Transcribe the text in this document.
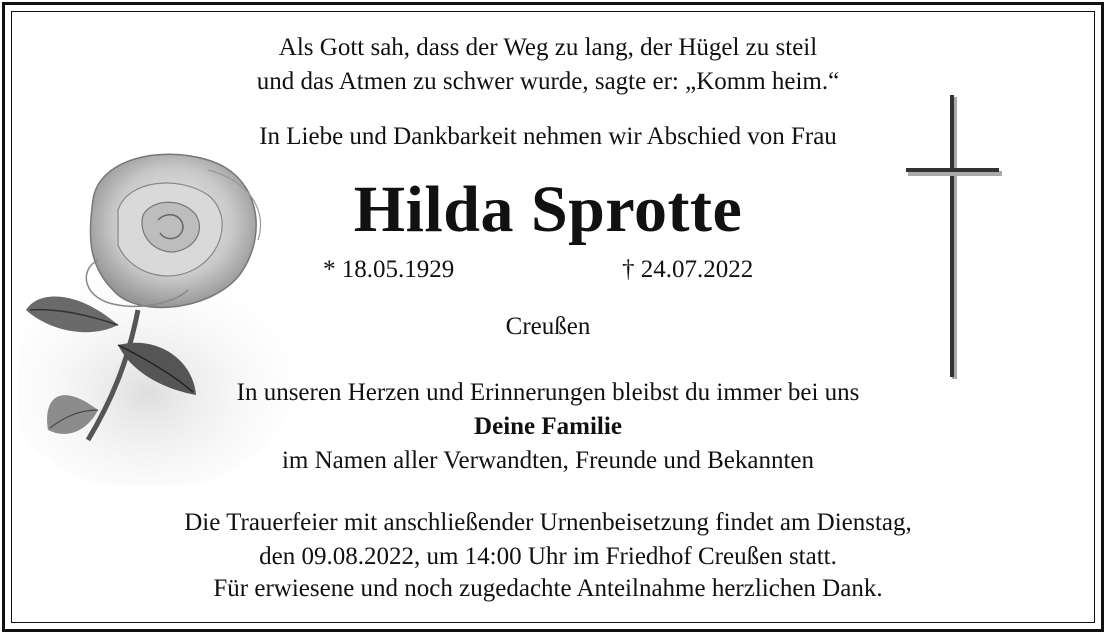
Als Gott sah, dass der Weg zu lang, der Hügel zu steil
und das Atmen zu schwer wurde, sagte er: „Komm heim.“
In Liebe und Dankbarkeit nehmen wir Abschied von Frau
Hilda Sprotte
* 18.05.1929	† 24.07.2022
Creußen
In unseren Herzen und Erinnerungen bleibst du immer bei uns
Deine Familie
im Namen aller Verwandten, Freunde und Bekannten
Die Trauerfeier mit anschließender Urnenbeisetzung findet am Dienstag,
den 09.08.2022, um 14:00 Uhr im Friedhof Creußen statt.
Für erwiesene und noch zugedachte Anteilnahme herzlichen Dank.
